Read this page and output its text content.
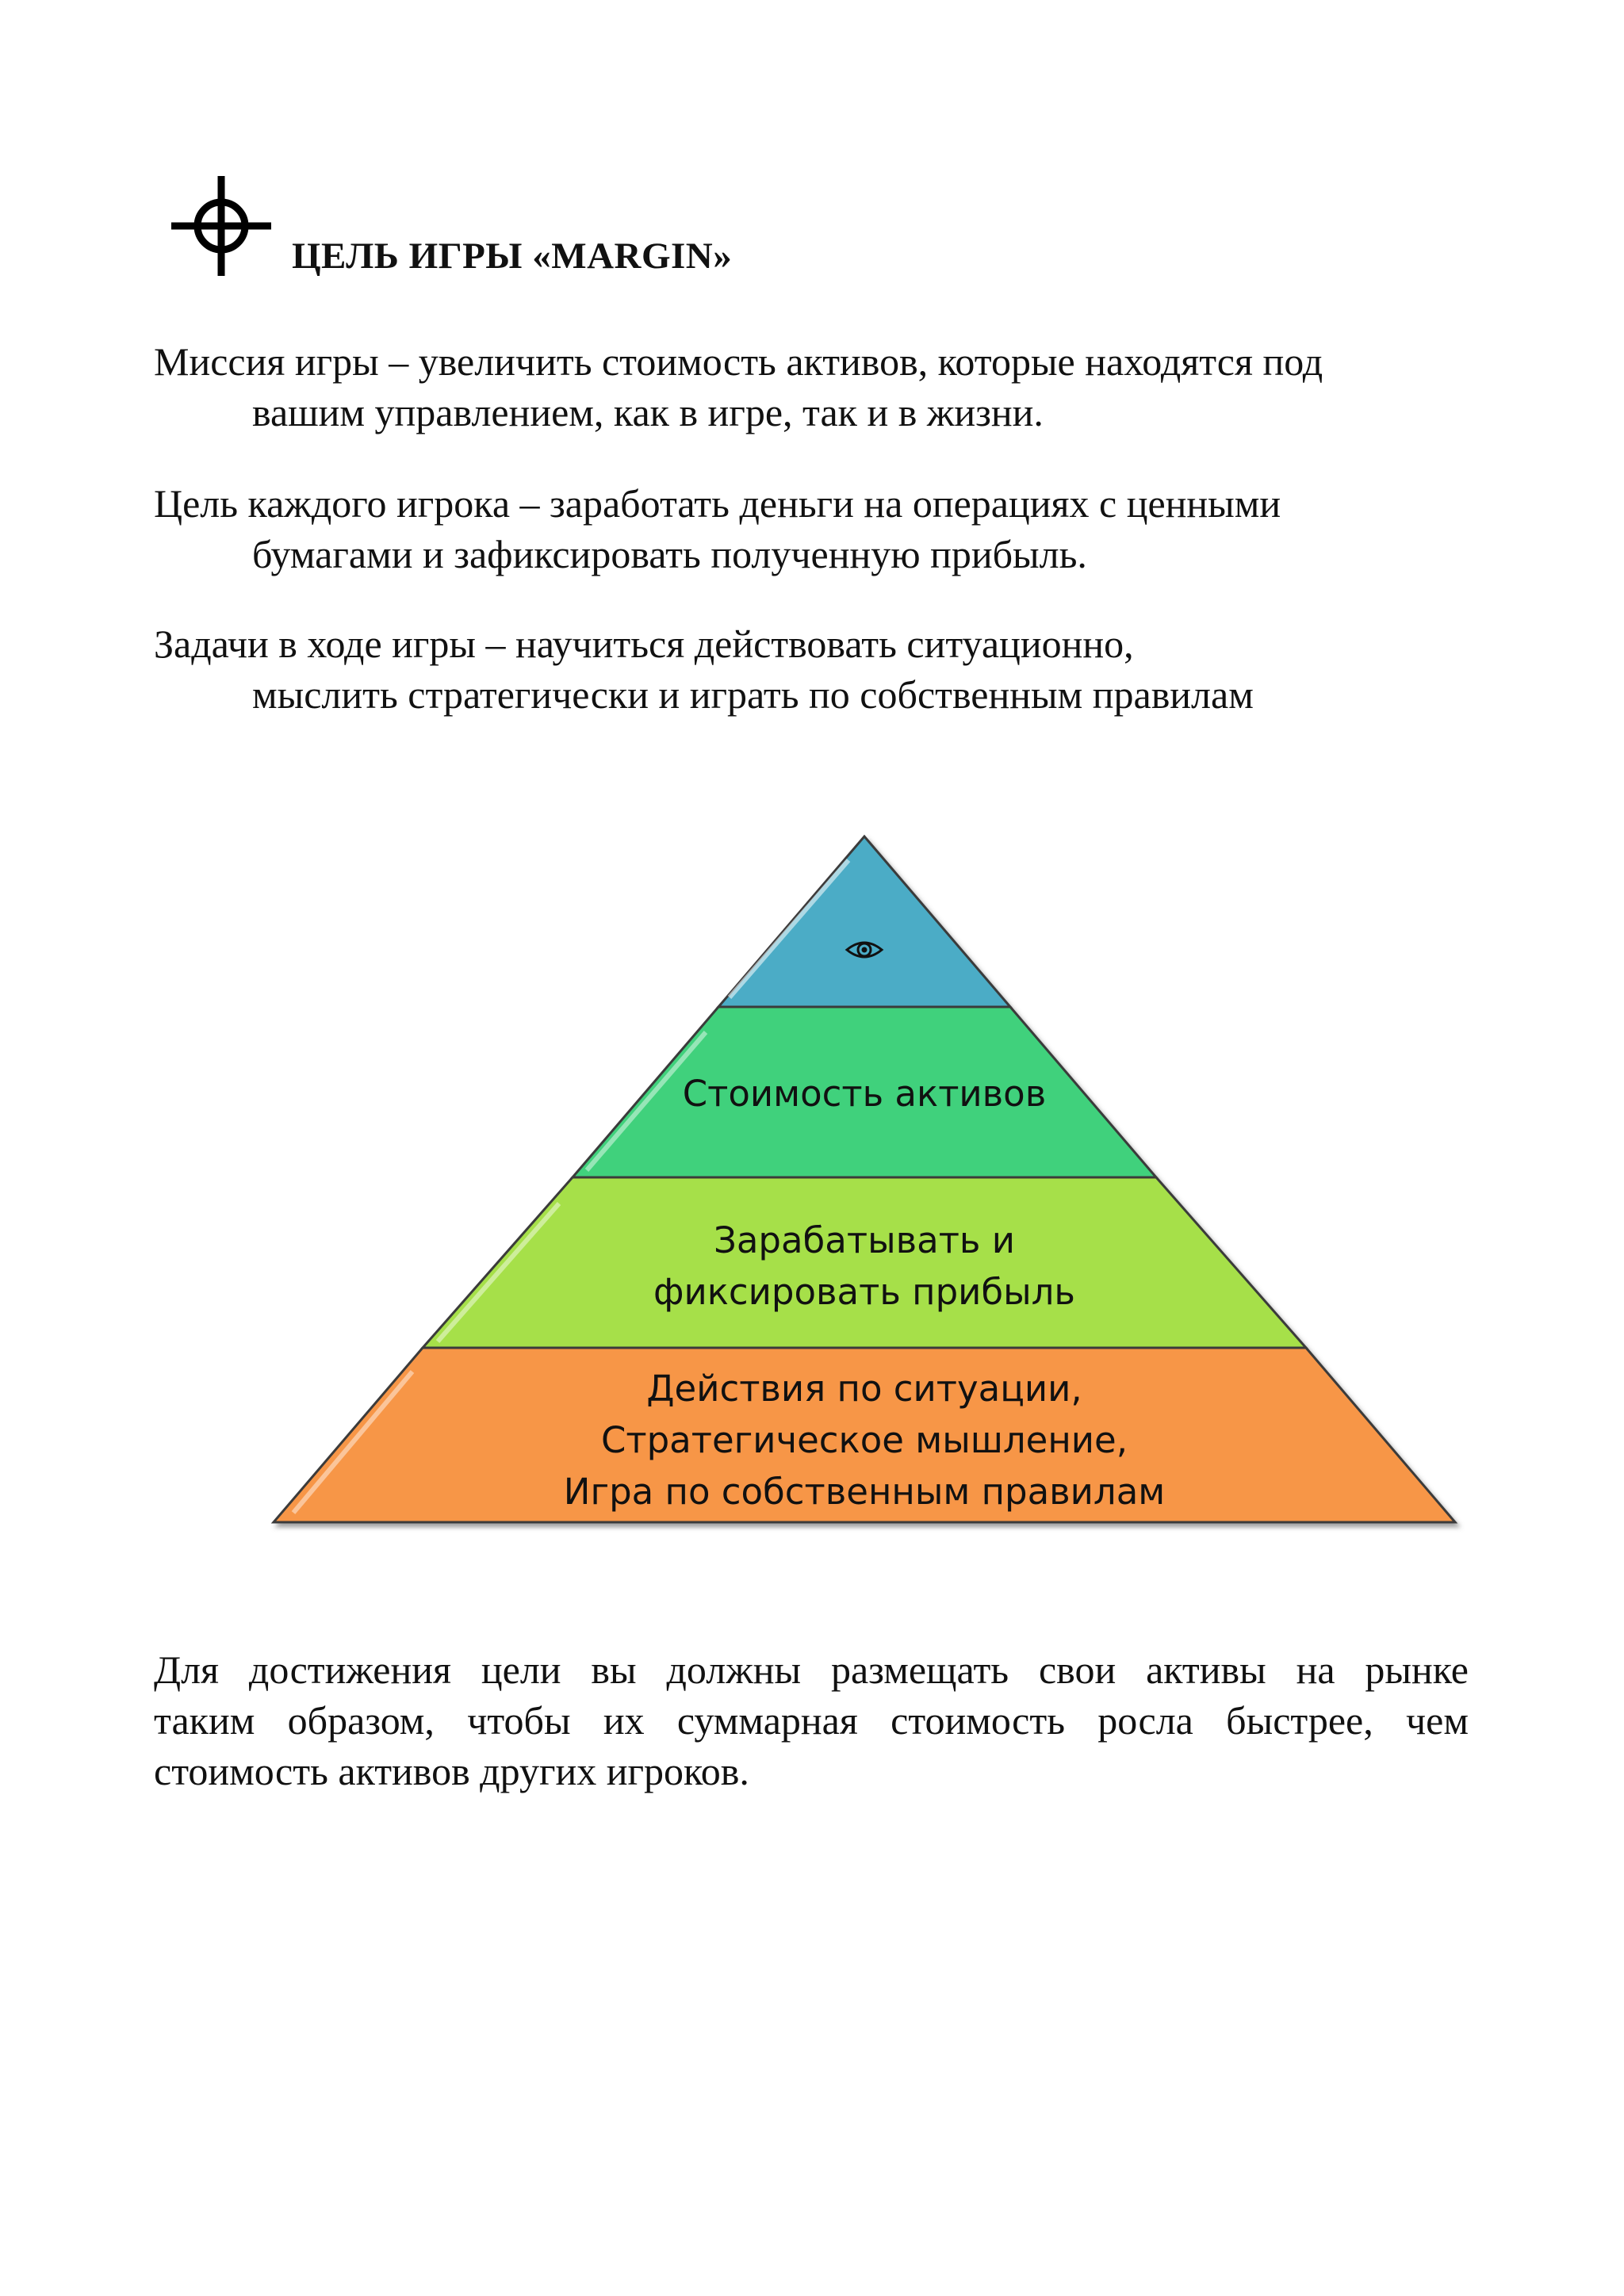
ЦЕЛЬ ИГРЫ «MARGIN»
Миссия игры – увеличить стоимость активов, которые находятся под
вашим управлением, как в игре, так и в жизни.
Цель каждого игрока – заработать деньги на операциях с ценными
бумагами и зафиксировать полученную прибыль.
Задачи в ходе игры – научиться действовать ситуационно,
мыслить стратегически и играть по собственным правилам
Стоимость активов
Зарабатывать и
фиксировать прибыль
Действия по ситуации,
Стратегическое мышление,
Игра по собственным правилам
Для достижения цели вы должны размещать свои активы на рынке
таким образом, чтобы их суммарная стоимость росла быстрее, чем
стоимость активов других игроков.
